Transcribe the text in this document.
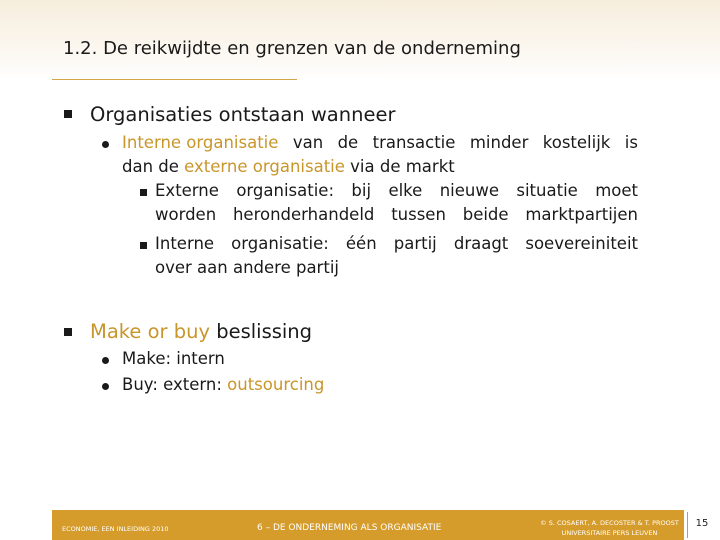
1.2. De reikwijdte en grenzen van de onderneming
Organisaties ontstaan wanneer
Interne organisatie van de transactie minder kostelijk is
dan de externe organisatie via de markt
Externe organisatie: bij elke nieuwe situatie moet
worden heronderhandeld tussen beide marktpartijen
Interne organisatie: één partij draagt soevereiniteit
over aan andere partij
Make or buy beslissing
Make: intern
Buy: extern: outsourcing
ECONOMIE, EEN INLEIDING 2010	6 – DE ONDERNEMING ALS ORGANISATIE	© S. COSAERT, A. DECOSTER & T. PROOST
UNIVERSITAIRE PERS LEUVEN
15
